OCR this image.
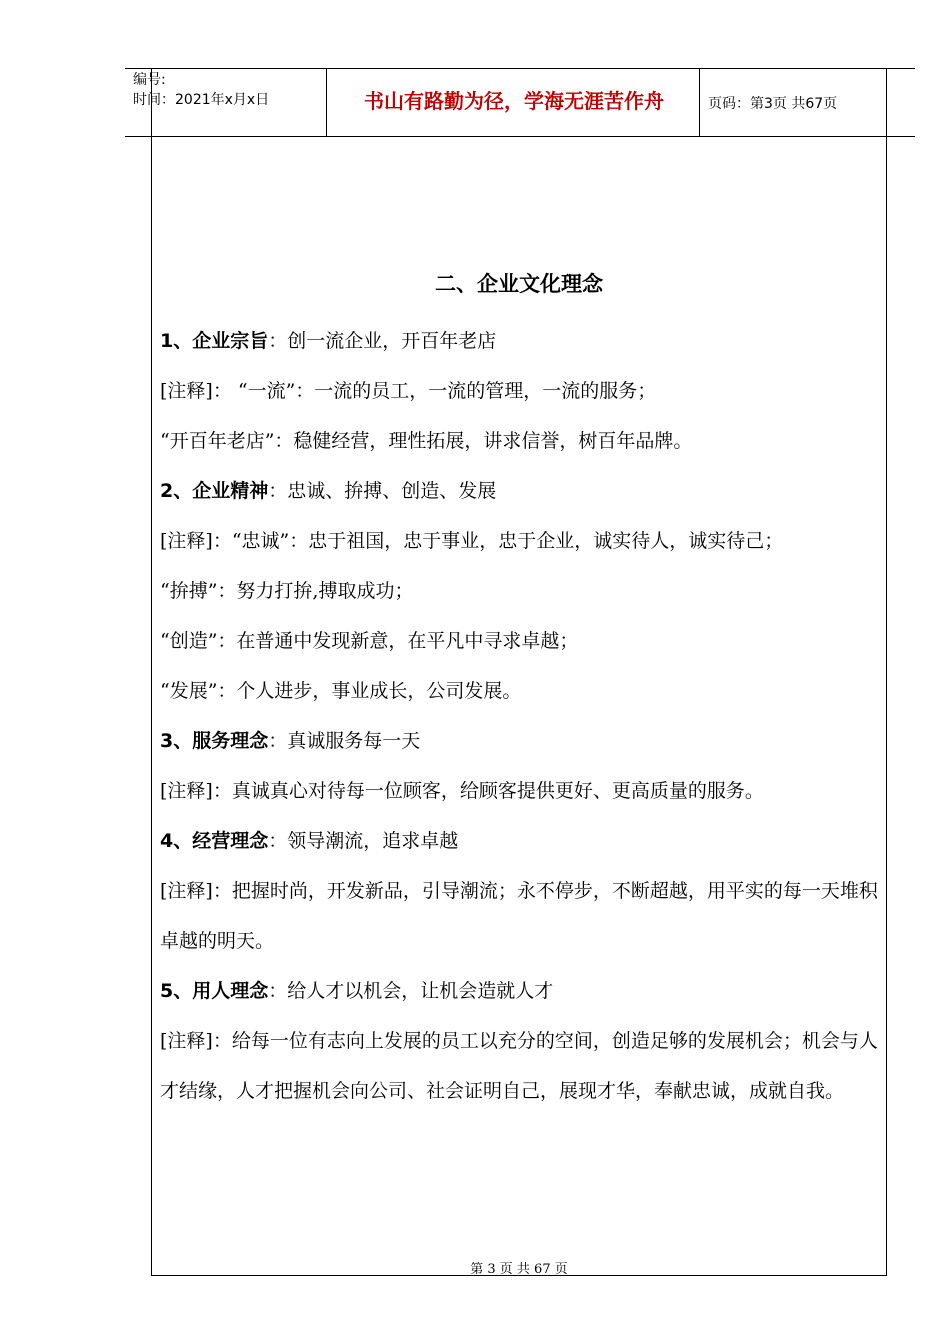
编号:
时间：2021年x月x日	书山有路勤为径，学海无涯苦作舟	页码：第3页 共67页
二、企业文化理念

1、企业宗旨：创一流企业，开百年老店

[注释]： “一流”：一流的员工，一流的管理，一流的服务；

“开百年老店”：稳健经营，理性拓展，讲求信誉，树百年品牌。

2、企业精神：忠诚、拚搏、创造、发展

[注释]：“忠诚”：忠于祖国，忠于事业，忠于企业，诚实待人，诚实待己；

“拚搏”：努力打拚,搏取成功；

“创造”：在普通中发现新意，在平凡中寻求卓越；

“发展”：个人进步，事业成长，公司发展。

3、服务理念：真诚服务每一天

[注释]：真诚真心对待每一位顾客，给顾客提供更好、更高质量的服务。

4、经营理念：领导潮流，追求卓越

[注释]：把握时尚，开发新品，引导潮流；永不停步，不断超越，用平实的每一天堆积卓越的明天。

5、用人理念：给人才以机会，让机会造就人才

[注释]：给每一位有志向上发展的员工以充分的空间，创造足够的发展机会；机会与人才结缘，人才把握机会向公司、社会证明自己，展现才华，奉献忠诚，成就自我。

第 3 页 共 67 页
